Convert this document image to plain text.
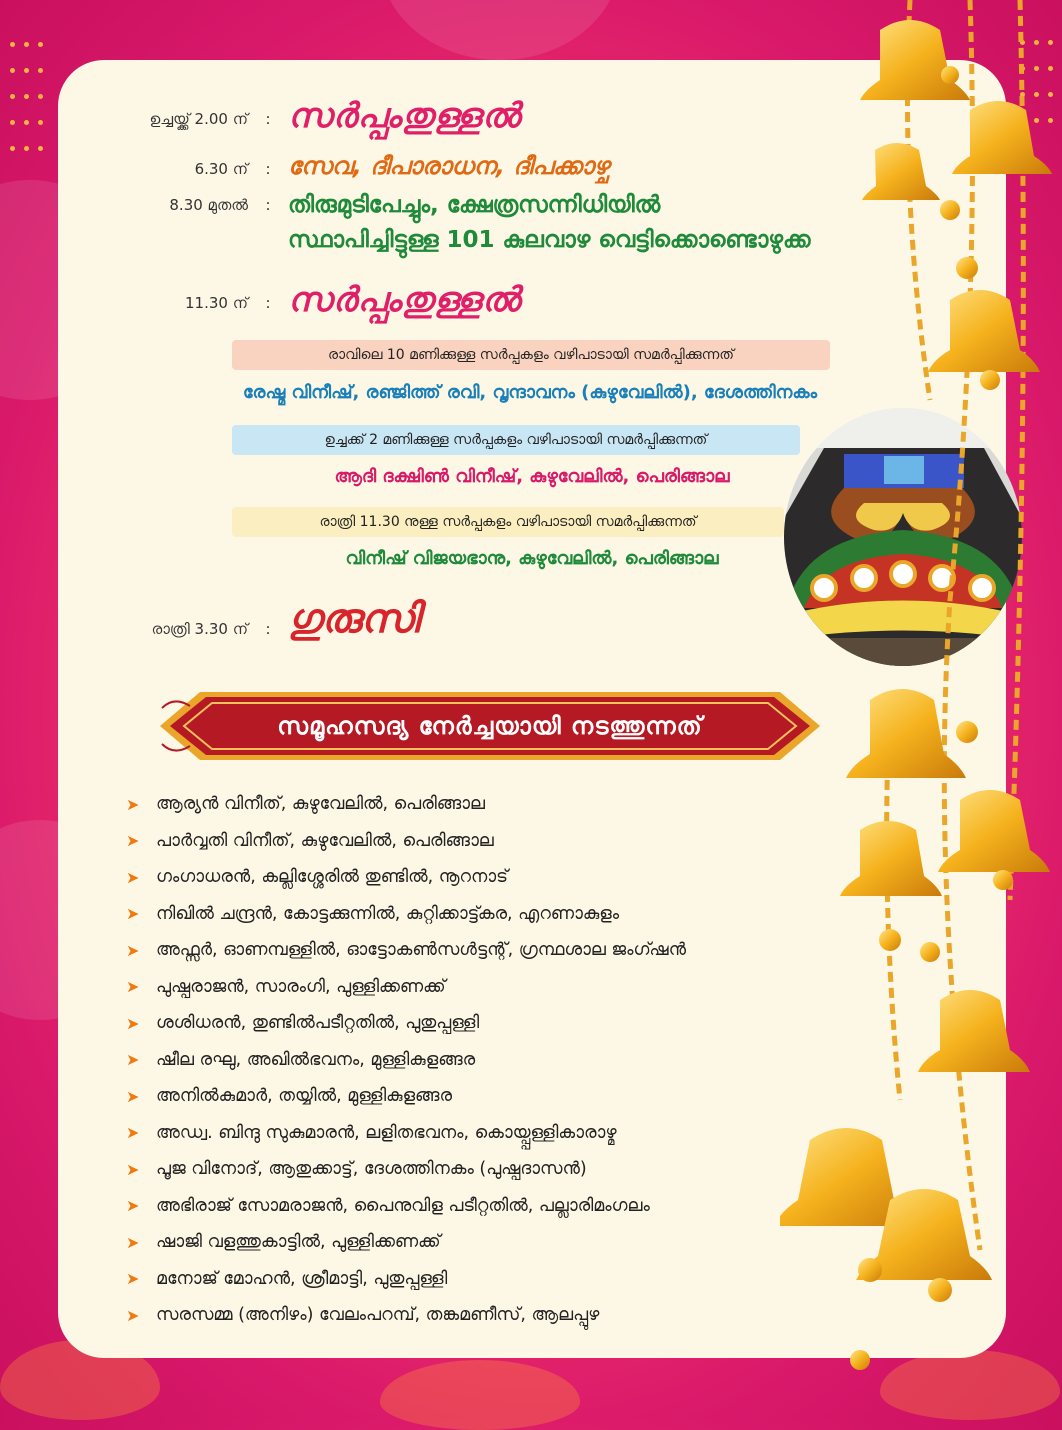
ഉച്ചയ്ക്ക് 2.00 ന്	: സർപ്പംതുള്ളൽ
6.30 ന്	: സേവ, ദീപാരാധന, ദീപക്കാഴ്ച
8.30 മുതൽ	: തിരുമുടിപേച്ചും, ക്ഷേത്രസന്നിധിയിൽ
സ്ഥാപിച്ചിട്ടുള്ള 101 കുലവാഴ വെട്ടിക്കൊണ്ടൊഴുക്ക
11.30 ന്	: സർപ്പംതുള്ളൽ
രാവിലെ 10 മണിക്കുള്ള സർപ്പകളം വഴിപാടായി സമർപ്പിക്കുന്നത്
രേഷ്മ വിനീഷ്, രഞ്ജിത്ത് രവി, വൃന്ദാവനം (കുഴുവേലിൽ), ദേശത്തിനകം
ഉച്ചക്ക് 2 മണിക്കുള്ള സർപ്പകളം വഴിപാടായി സമർപ്പിക്കുന്നത്
ആദി ദക്ഷിൺ വിനീഷ്, കുഴുവേലിൽ, പെരിങ്ങാല
രാത്രി 11.30 നുള്ള സർപ്പകളം വഴിപാടായി സമർപ്പിക്കുന്നത്
വിനീഷ് വിജയഭാനു, കുഴുവേലിൽ, പെരിങ്ങാല
രാത്രി 3.30 ന്	: ഗുരുസി
സമൂഹസദ്യ നേർച്ചയായി നടത്തുന്നത്
➤ ആര്യൻ വിനീത്, കുഴുവേലിൽ, പെരിങ്ങാല
➤ പാർവ്വതി വിനീത്, കുഴുവേലിൽ, പെരിങ്ങാല
➤ ഗംഗാധരൻ, കല്ലിശ്ശേരിൽ തുണ്ടിൽ, നൂറനാട്
➤ നിഖിൽ ചന്ദ്രൻ, കോട്ടക്കുന്നിൽ, കുറ്റിക്കാട്ട്കര, എറണാകുളം
➤ അഫ്സർ, ഓണമ്പള്ളിൽ, ഓട്ടോകൺസൾട്ടന്റ്, ഗ്രന്ഥശാല ജംഗ്ഷൻ
➤ പുഷ്പരാജൻ, സാരംഗി, പുള്ളിക്കണക്ക്
➤ ശശിധരൻ, തുണ്ടിൽപടീറ്റതിൽ, പുതുപ്പള്ളി
➤ ഷീല രഘു, അഖിൽഭവനം, മുള്ളികുളങ്ങര
➤ അനിൽകുമാർ, തയ്യിൽ, മുള്ളികുളങ്ങര
➤ അഡ്വ. ബിന്ദു സുകുമാരൻ, ലളിതഭവനം, കൊയ്പ്പള്ളികാരാഴ്മ
➤ പൂജ വിനോദ്, ആതുക്കാട്ട്, ദേശത്തിനകം (പുഷ്പദാസൻ)
➤ അഭിരാജ് സോമരാജൻ, പൈനുവിള പടീറ്റതിൽ, പല്ലാരിമംഗലം
➤ ഷാജി വളത്തുകാട്ടിൽ, പുള്ളിക്കണക്ക്
➤ മനോജ് മോഹൻ, ശ്രീമാട്ടി, പുതുപ്പള്ളി
➤ സരസമ്മ (അനിഴം) വേലംപറമ്പ്, തങ്കമണീസ്, ആലപ്പുഴ
